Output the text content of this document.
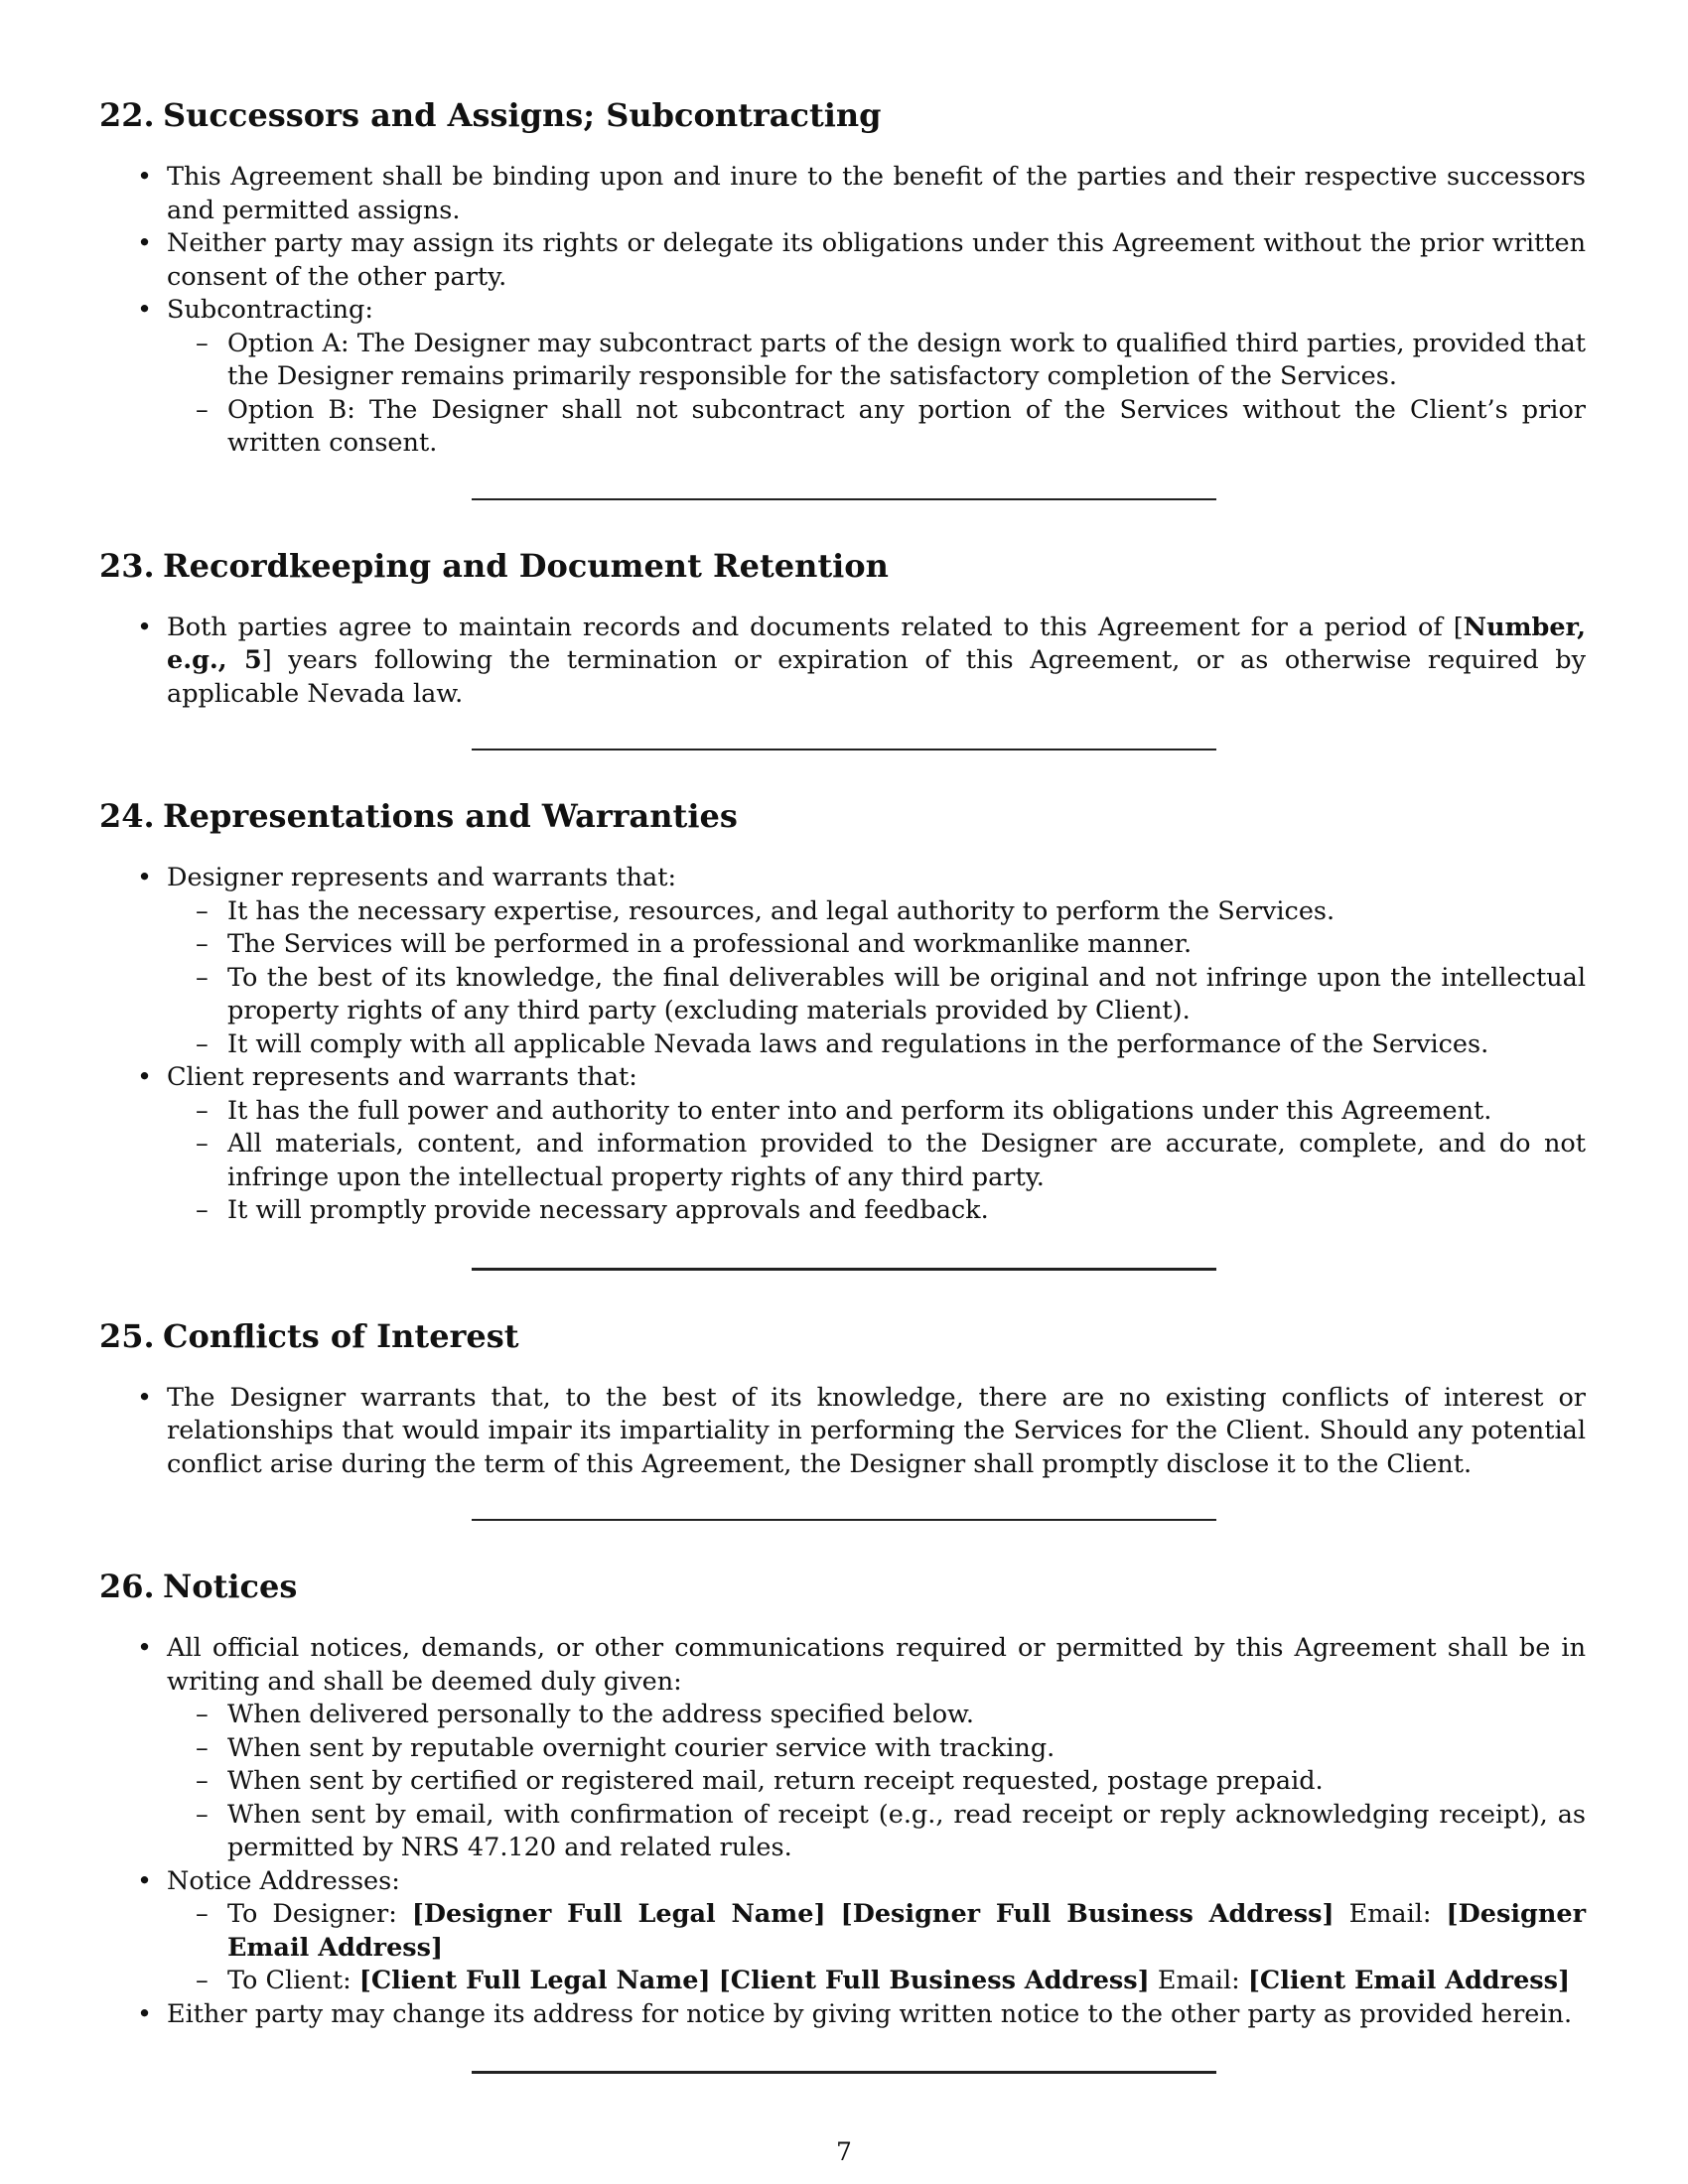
22. Successors and Assigns; Subcontracting
• This Agreement shall be binding upon and inure to the benefit of the parties and their respective successors and permitted assigns.
• Neither party may assign its rights or delegate its obligations under this Agreement without the prior written consent of the other party.
• Subcontracting:
– Option A: The Designer may subcontract parts of the design work to qualified third parties, provided that the Designer remains primarily responsible for the satisfactory completion of the Services.
– Option B: The Designer shall not subcontract any portion of the Services without the Client’s prior written consent.
23. Recordkeeping and Document Retention
• Both parties agree to maintain records and documents related to this Agreement for a period of [Number, e.g., 5] years following the termination or expiration of this Agreement, or as otherwise required by applicable Nevada law.
24. Representations and Warranties
• Designer represents and warrants that:
– It has the necessary expertise, resources, and legal authority to perform the Services.
– The Services will be performed in a professional and workmanlike manner.
– To the best of its knowledge, the final deliverables will be original and not infringe upon the intellectual property rights of any third party (excluding materials provided by Client).
– It will comply with all applicable Nevada laws and regulations in the performance of the Services.
• Client represents and warrants that:
– It has the full power and authority to enter into and perform its obligations under this Agreement.
– All materials, content, and information provided to the Designer are accurate, complete, and do not infringe upon the intellectual property rights of any third party.
– It will promptly provide necessary approvals and feedback.
25. Conflicts of Interest
• The Designer warrants that, to the best of its knowledge, there are no existing conflicts of interest or relationships that would impair its impartiality in performing the Services for the Client. Should any potential conflict arise during the term of this Agreement, the Designer shall promptly disclose it to the Client.
26. Notices
• All official notices, demands, or other communications required or permitted by this Agreement shall be in writing and shall be deemed duly given:
– When delivered personally to the address specified below.
– When sent by reputable overnight courier service with tracking.
– When sent by certified or registered mail, return receipt requested, postage prepaid.
– When sent by email, with confirmation of receipt (e.g., read receipt or reply acknowledging receipt), as permitted by NRS 47.120 and related rules.
• Notice Addresses:
– To Designer: [Designer Full Legal Name] [Designer Full Business Address] Email: [Designer Email Address]
– To Client: [Client Full Legal Name] [Client Full Business Address] Email: [Client Email Address]
• Either party may change its address for notice by giving written notice to the other party as provided herein.
7
